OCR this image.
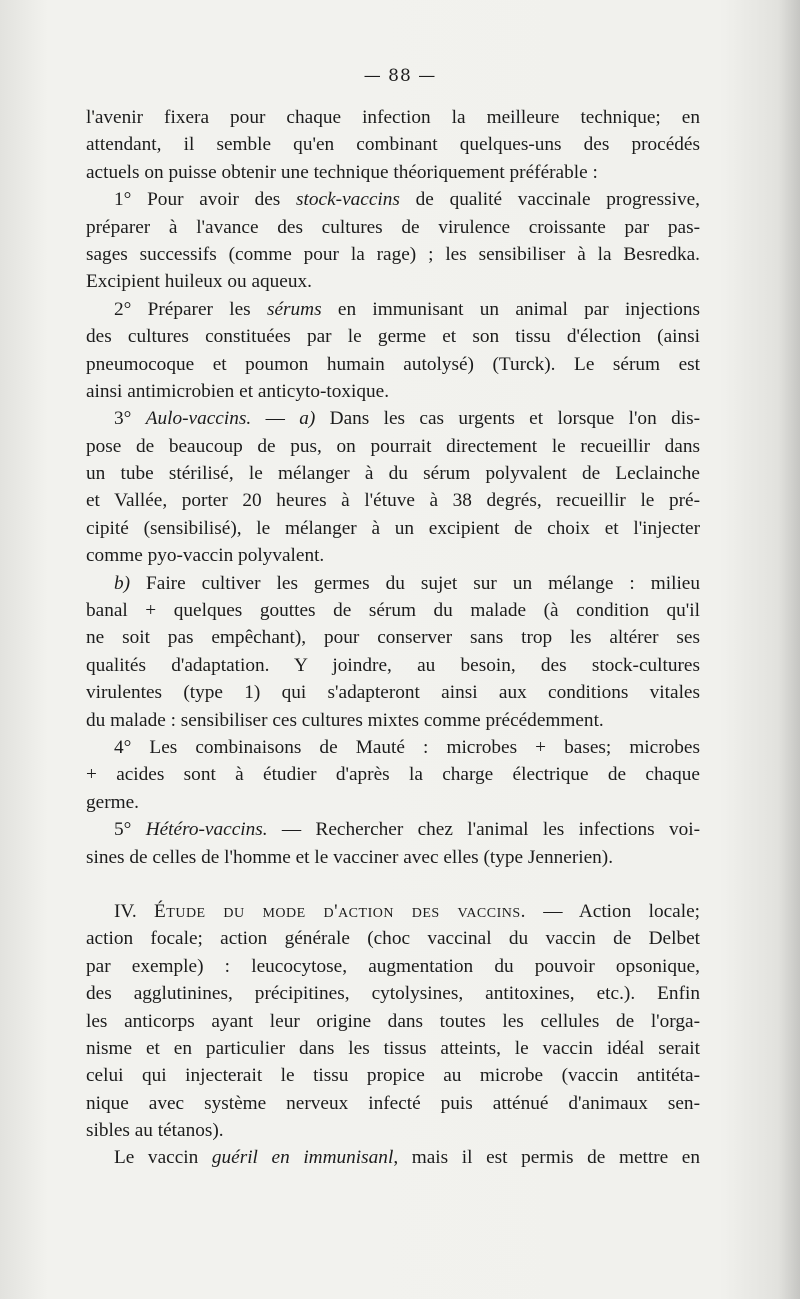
— 88 —
l'avenir fixera pour chaque infection la meilleure technique; en
attendant, il semble qu'en combinant quelques-uns des procédés
actuels on puisse obtenir une technique théoriquement préférable :
1° Pour avoir des stock-vaccins de qualité vaccinale progressive,
préparer à l'avance des cultures de virulence croissante par pas-
sages successifs (comme pour la rage) ; les sensibiliser à la Besredka.
Excipient huileux ou aqueux.
2° Préparer les sérums en immunisant un animal par injections
des cultures constituées par le germe et son tissu d'élection (ainsi
pneumocoque et poumon humain autolysé) (Turck). Le sérum est
ainsi antimicrobien et anticyto-toxique.
3° Aulo-vaccins. — a) Dans les cas urgents et lorsque l'on dis-
pose de beaucoup de pus, on pourrait directement le recueillir dans
un tube stérilisé, le mélanger à du sérum polyvalent de Leclainche
et Vallée, porter 20 heures à l'étuve à 38 degrés, recueillir le pré-
cipité (sensibilisé), le mélanger à un excipient de choix et l'injecter
comme pyo-vaccin polyvalent.
b) Faire cultiver les germes du sujet sur un mélange : milieu
banal + quelques gouttes de sérum du malade (à condition qu'il
ne soit pas empêchant), pour conserver sans trop les altérer ses
qualités d'adaptation. Y joindre, au besoin, des stock-cultures
virulentes (type 1) qui s'adapteront ainsi aux conditions vitales
du malade : sensibiliser ces cultures mixtes comme précédemment.
4° Les combinaisons de Mauté : microbes + bases; microbes
+ acides sont à étudier d'après la charge électrique de chaque
germe.
5° Hétéro-vaccins. — Rechercher chez l'animal les infections voi-
sines de celles de l'homme et le vacciner avec elles (type Jennerien).
IV. Étude du mode d'action des vaccins. — Action locale;
action focale; action générale (choc vaccinal du vaccin de Delbet
par exemple) : leucocytose, augmentation du pouvoir opsonique,
des agglutinines, précipitines, cytolysines, antitoxines, etc.). Enfin
les anticorps ayant leur origine dans toutes les cellules de l'orga-
nisme et en particulier dans les tissus atteints, le vaccin idéal serait
celui qui injecterait le tissu propice au microbe (vaccin antitéta-
nique avec système nerveux infecté puis atténué d'animaux sen-
sibles au tétanos).
Le vaccin guéril en immunisanl, mais il est permis de mettre en
